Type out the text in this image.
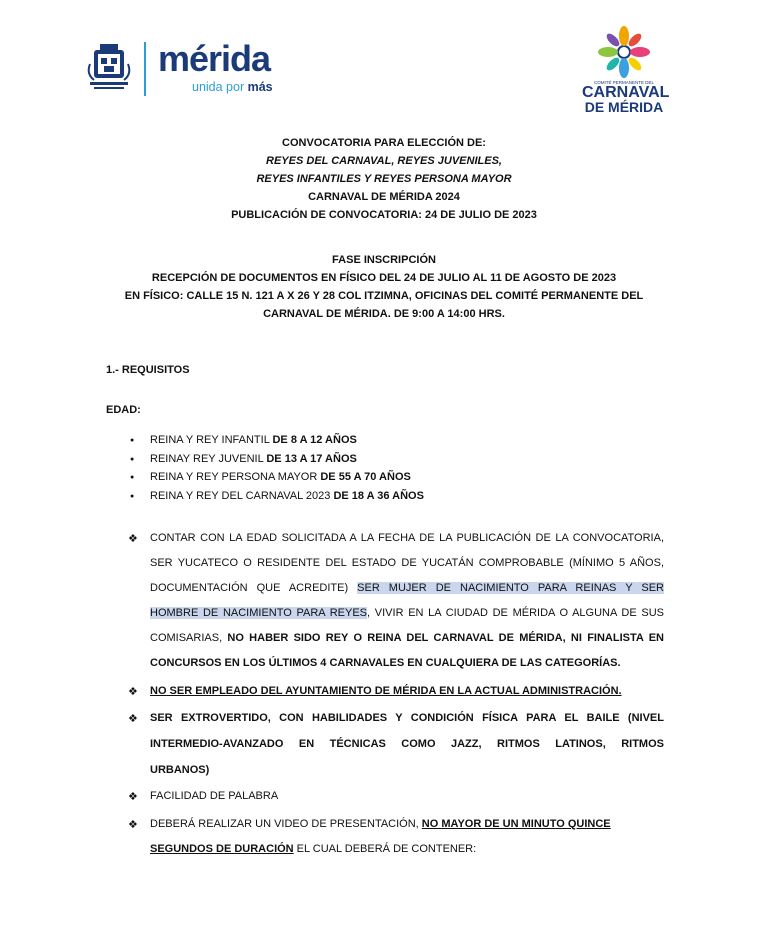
mérida
unida por más	COMITÉ PERMANENTE DEL
CARNAVAL
DE MÉRIDA
CONVOCATORIA PARA ELECCIÓN DE:
REYES DEL CARNAVAL, REYES JUVENILES,
REYES INFANTILES Y REYES PERSONA MAYOR
CARNAVAL DE MÉRIDA 2024
PUBLICACIÓN DE CONVOCATORIA: 24 DE JULIO DE 2023
FASE INSCRIPCIÓN
RECEPCIÓN DE DOCUMENTOS EN FÍSICO DEL 24 DE JULIO AL 11 DE AGOSTO DE 2023
EN FÍSICO: CALLE 15 N. 121 A X 26 Y 28 COL ITZIMNA, OFICINAS DEL COMITÉ PERMANENTE DEL
CARNAVAL DE MÉRIDA. DE 9:00 A 14:00 HRS.
1.- REQUISITOS
EDAD:
● REINA Y REY INFANTIL DE 8 A 12 AÑOS
● REINAY REY JUVENIL DE 13 A 17 AÑOS
● REINA Y REY PERSONA MAYOR DE 55 A 70 AÑOS
● REINA Y REY DEL CARNAVAL 2023 DE 18 A 36 AÑOS
❖ CONTAR CON LA EDAD SOLICITADA A LA FECHA DE LA PUBLICACIÓN DE LA CONVOCATORIA,
SER YUCATECO O RESIDENTE DEL ESTADO DE YUCATÁN COMPROBABLE (MÍNIMO 5 AÑOS,
DOCUMENTACIÓN QUE ACREDITE) SER MUJER DE NACIMIENTO PARA REINAS Y SER
HOMBRE DE NACIMIENTO PARA REYES, VIVIR EN LA CIUDAD DE MÉRIDA O ALGUNA DE SUS
COMISARIAS, NO HABER SIDO REY O REINA DEL CARNAVAL DE MÉRIDA, NI FINALISTA EN
CONCURSOS EN LOS ÚLTIMOS 4 CARNAVALES EN CUALQUIERA DE LAS CATEGORÍAS.
❖ NO SER EMPLEADO DEL AYUNTAMIENTO DE MÉRIDA EN LA ACTUAL ADMINISTRACIÓN.
❖ SER EXTROVERTIDO, CON HABILIDADES Y CONDICIÓN FÍSICA PARA EL BAILE (NIVEL
INTERMEDIO-AVANZADO EN TÉCNICAS COMO JAZZ, RITMOS LATINOS, RITMOS
URBANOS)
❖ FACILIDAD DE PALABRA
❖ DEBERÁ REALIZAR UN VIDEO DE PRESENTACIÓN, NO MAYOR DE UN MINUTO QUINCE
SEGUNDOS DE DURACIÓN EL CUAL DEBERÁ DE CONTENER:
